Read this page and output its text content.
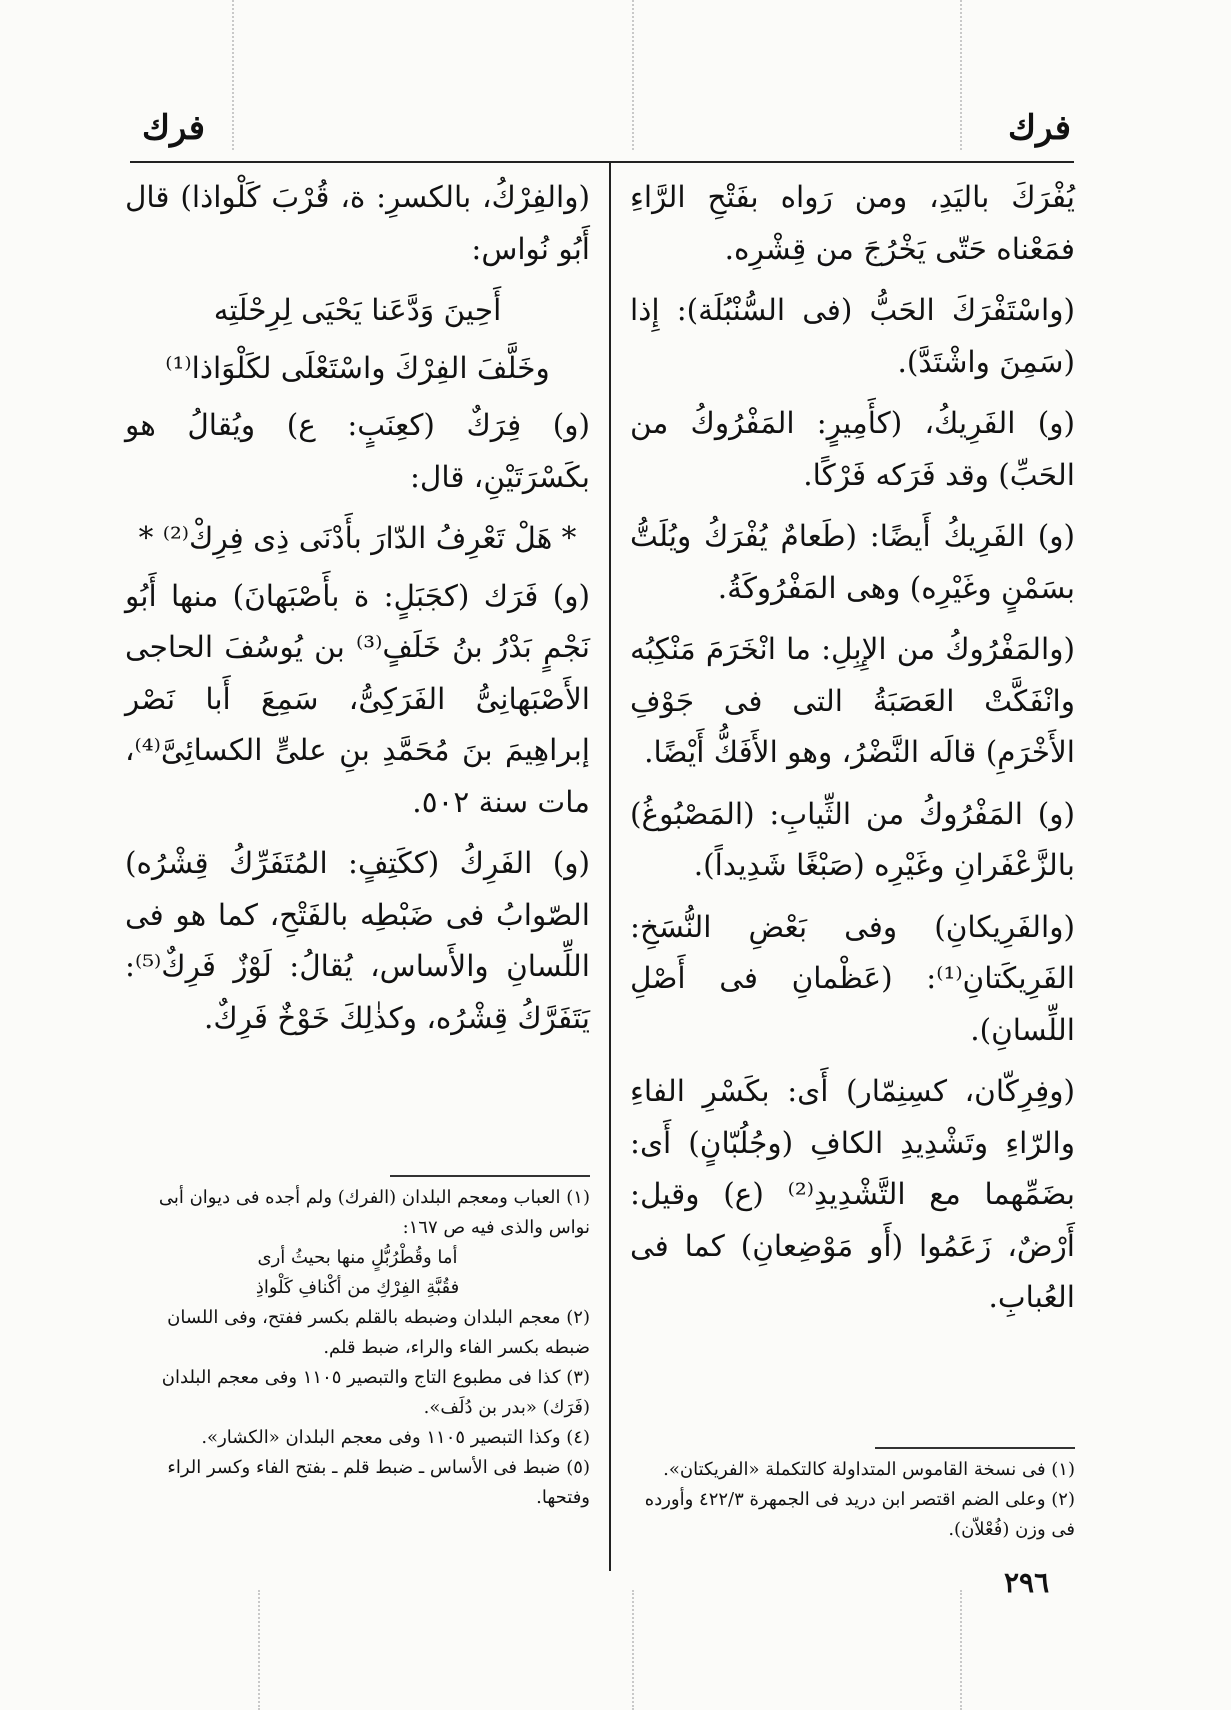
فرك
فرك

يُفْرَكَ باليَدِ، ومن رَواه بفَتْحِ الرَّاءِ فمَعْناه حَتّى يَخْرُجَ من قِشْرِه.

(واسْتَفْرَكَ الحَبُّ (فى السُّنْبُلَة): إِذا (سَمِنَ واشْتَدَّ).

(و) الفَرِيكُ، (كأَمِيرٍ: المَفْرُوكُ من الحَبِّ) وقد فَرَكه فَرْكًا.

(و) الفَرِيكُ أَيضًا: (طَعامٌ يُفْرَكُ ويُلَتُّ بسَمْنٍ وغَيْرِه) وهى المَفْرُوكَةُ.

(والمَفْرُوكُ من الإِبِلِ: ما انْخَرَمَ مَنْكِبُه وانْفَكَّتْ العَصَبَةُ التى فى جَوْفِ الأَخْرَمِ) قالَه النَّضْرُ، وهو الأَفَكُّ أَيْضًا.

(و) المَفْرُوكُ من الثِّيابِ: (المَصْبُوغُ) بالزَّعْفَرانِ وغَيْرِه (صَبْغًا شَدِيداً).

(والفَرِيكانِ) وفى بَعْضِ النُّسَخِ: الفَرِيكَتانِ⁽¹⁾: (عَظْمانِ فى أَصْلِ اللِّسانِ).

(وفِرِكّان، كسِنِمّار) أَى: بكَسْرِ الفاءِ والرّاءِ وتَشْدِيدِ الكافِ (وجُلُبّانٍ) أَى: بضَمِّهما مع التَّشْدِيدِ⁽²⁾ (ع) وقيل: أَرْضٌ، زَعَمُوا (أَو مَوْضِعانِ) كما فى العُبابِ.

(١) فى نسخة القاموس المتداولة كالتكملة «الفريكتان».

(٢) وعلى الضم اقتصر ابن دريد فى الجمهرة ٤٢٢/٣ وأورده فى وزن (فُعْلاّن).

(والفِرْكُ، بالكسرِ: ة، قُرْبَ كَلْواذا) قال أَبُو نُواس:

أَحِينَ وَدَّعَنا يَحْيَى لِرِحْلَتِه

وخَلَّفَ الفِرْكَ واسْتَعْلَى لكَلْوَاذا⁽¹⁾

(و) فِرَكٌ (كعِنَبٍ: ع) ويُقالُ هو بكَسْرَتَيْنِ، قال:

* هَلْ تَعْرِفُ الدّارَ بأَدْنَى ذِى فِرِكْ⁽²⁾ *

(و) فَرَك (كجَبَلٍ: ة بأَصْبَهانَ) منها أَبُو نَجْمٍ بَدْرُ بنُ خَلَفٍ⁽³⁾ بن يُوسُفَ الحاجى الأَصْبَهانِىُّ الفَرَكِىُّ، سَمِعَ أَبا نَصْر إبراهِيمَ بنَ مُحَمَّدِ بنِ علىٍّ الكسائِىَّ⁽⁴⁾، مات سنة ٥٠٢.

(و) الفَرِكُ (ككَتِفٍ: المُتَفَرِّكُ قِشْرُه) الصّوابُ فى ضَبْطِه بالفَتْحِ، كما هو فى اللِّسانِ والأَساس، يُقالُ: لَوْزٌ فَرِكٌ⁽⁵⁾: يَتَفَرَّكُ قِشْرُه، وكذٰلِكَ خَوْخٌ فَرِكٌ.

(١) العباب ومعجم البلدان (الفرك) ولم أجده فى ديوان أبى نواس والذى فيه ص ١٦٧:

أما وقُطْرُبُّلٍ منها بحيثُ أرى

فقُبَّةِ الفِرْكِ من أكْنافِ كَلْواذِ

(٢) معجم البلدان وضبطه بالقلم بكسر ففتح، وفى اللسان ضبطه بكسر الفاء والراء، ضبط قلم.

(٣) كذا فى مطبوع التاج والتبصير ١١٠٥ وفى معجم البلدان (فَرَك) «بدر بن دُلَف».

(٤) وكذا التبصير ١١٠٥ وفى معجم البلدان «الكشار».

(٥) ضبط فى الأساس ـ ضبط قلم ـ بفتح الفاء وكسر الراء وفتحها.

٢٩٦
